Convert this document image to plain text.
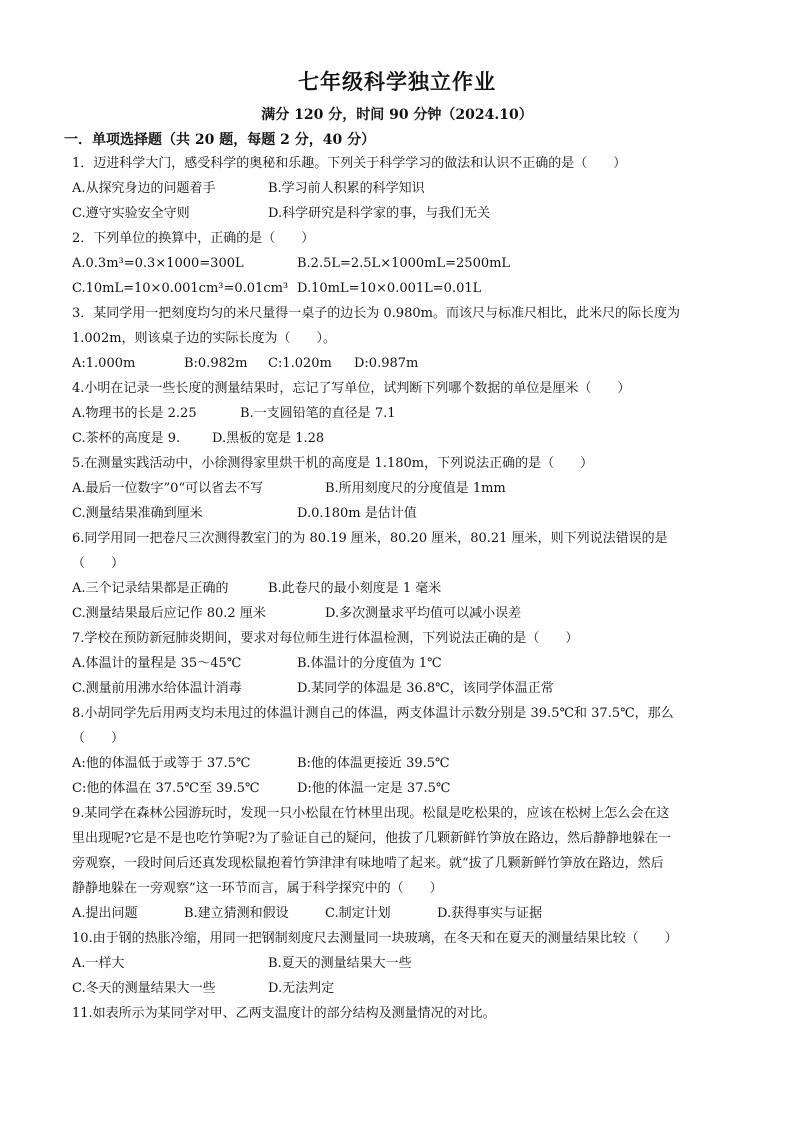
七年级科学独立作业
满分 120 分，时间 90 分钟（2024.10）
一．单项选择题（共 20 题，每题 2 分，40 分）
1．迈进科学大门，感受科学的奥秘和乐趣。下列关于科学学习的做法和认识不正确的是（　　）
A.从探究身边的问题着手	B.学习前人积累的科学知识
C.遵守实验安全守则	D.科学研究是科学家的事，与我们无关
2．下列单位的换算中，正确的是（　　）
A.0.3m³=0.3×1000=300L	B.2.5L=2.5L×1000mL=2500mL
C.10mL=10×0.001cm³=0.01cm³ D.10mL=10×0.001L=0.01L
3．某同学用一把刻度均匀的米尺量得一桌子的边长为 0.980m。而该尺与标准尺相比，此米尺的际长度为
1.002m，则该桌子边的实际长度为（　　）。
A:1.000m	B:0.982m C:1.020m D:0.987m
4.小明在记录一些长度的测量结果时，忘记了写单位，试判断下列哪个数据的单位是厘米（　　）
A.物理书的长是 2.25	B.一支圆铅笔的直径是 7.1
C.茶杯的高度是 9. D.黑板的宽是 1.28
5.在测量实践活动中，小徐测得家里烘干机的高度是 1.180m，下列说法正确的是（　　）
A.最后一位数字”0“可以省去不写	B.所用刻度尺的分度值是 1mm
C.测量结果准确到厘米	D.0.180m 是估计值
6.同学用同一把卷尺三次测得教室门的为 80.19 厘米，80.20 厘米，80.21 厘米，则下列说法错误的是
（　　）
A.三个记录结果都是正确的	B.此卷尺的最小刻度是 1 毫米
C.测量结果最后应记作 80.2 厘米	D.多次测量求平均值可以减小误差
7.学校在预防新冠肺炎期间，要求对每位师生进行体温检测，下列说法正确的是（　　）
A.体温计的量程是 35～45℃	B.体温计的分度值为 1℃
C.测量前用沸水给体温计消毒	D.某同学的体温是 36.8℃，该同学体温正常
8.小胡同学先后用两支均未甩过的体温计测自己的体温，两支体温计示数分别是 39.5℃和 37.5℃，那么
（　　）
A:他的体温低于或等于 37.5℃	B:他的体温更接近 39.5℃
C:他的体温在 37.5℃至 39.5℃	D:他的体温一定是 37.5℃
9.某同学在森林公园游玩时，发现一只小松鼠在竹林里出现。松鼠是吃松果的，应该在松树上怎么会在这
里出现呢?它是不是也吃竹笋呢?为了验证自己的疑问，他拔了几颗新鲜竹笋放在路边，然后静静地躲在一
旁观察，一段时间后还真发现松鼠抱着竹笋津津有味地啃了起来。就“拔了几颗新鲜竹笋放在路边，然后
静静地躲在一旁观察”这一环节而言，属于科学探究中的（　　）
A.提出问题	B.建立猜测和假设	C.制定计划	D.获得事实与证据
10.由于钢的热胀冷缩，用同一把钢制刻度尺去测量同一块玻璃，在冬天和在夏天的测量结果比较（　　）
A.一样大	B.夏天的测量结果大一些
C.冬天的测量结果大一些	D.无法判定
11.如表所示为某同学对甲、乙两支温度计的部分结构及测量情况的对比。
